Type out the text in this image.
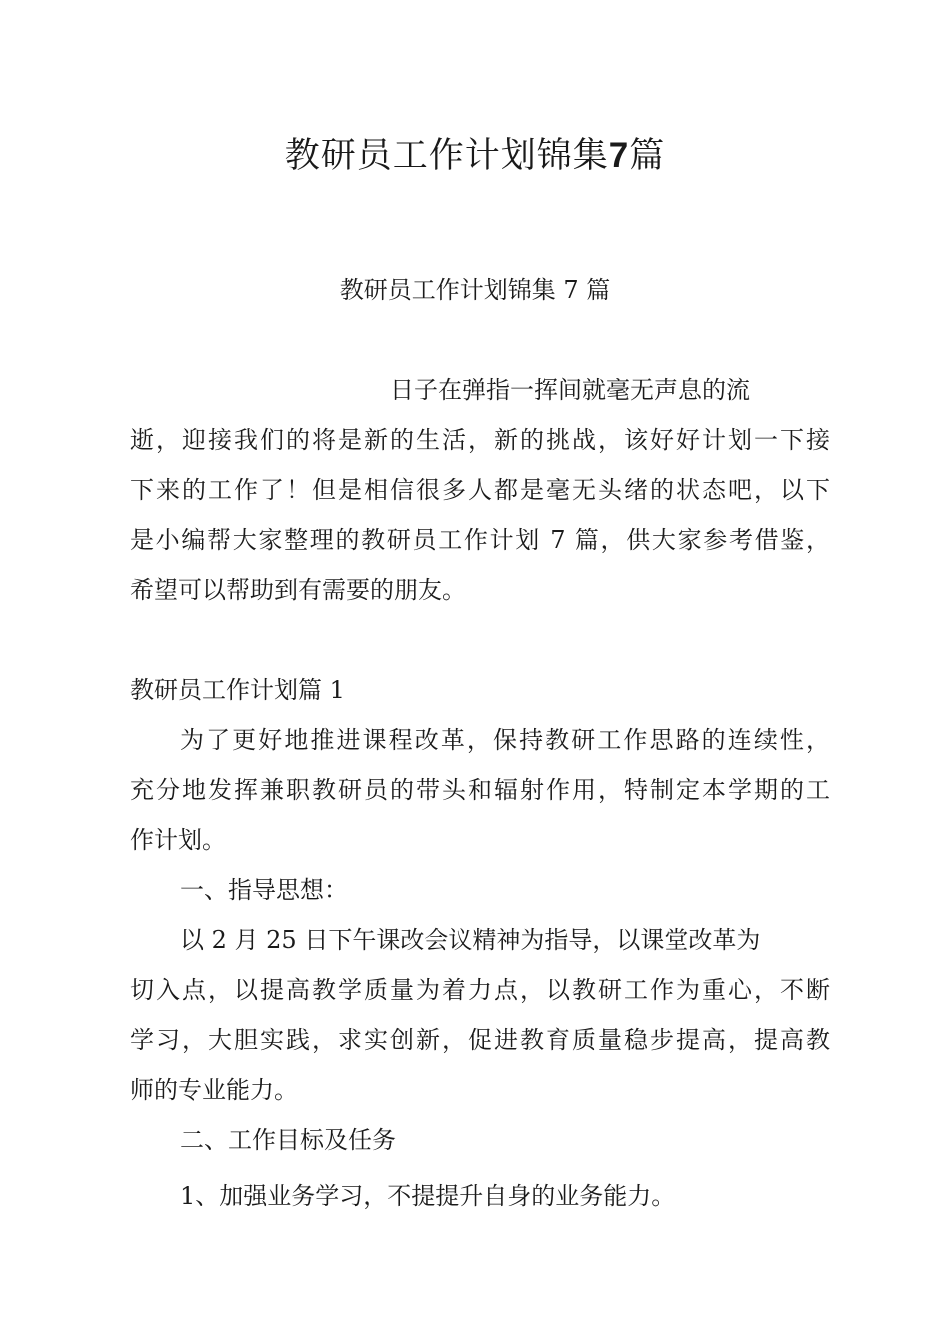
教研员工作计划锦集7篇
教研员工作计划锦集 7 篇
日子在弹指一挥间就毫无声息的流
逝，迎接我们的将是新的生活，新的挑战，该好好计划一下接
下来的工作了！但是相信很多人都是毫无头绪的状态吧，以下
是小编帮大家整理的教研员工作计划 7 篇，供大家参考借鉴，
希望可以帮助到有需要的朋友。
教研员工作计划篇 1
为了更好地推进课程改革，保持教研工作思路的连续性，
充分地发挥兼职教研员的带头和辐射作用，特制定本学期的工
作计划。
一、指导思想：
以 2 月 25 日下午课改会议精神为指导，以课堂改革为
切入点，以提高教学质量为着力点，以教研工作为重心，不断
学习，大胆实践，求实创新，促进教育质量稳步提高，提高教
师的专业能力。
二、工作目标及任务
1、加强业务学习，不提提升自身的业务能力。
